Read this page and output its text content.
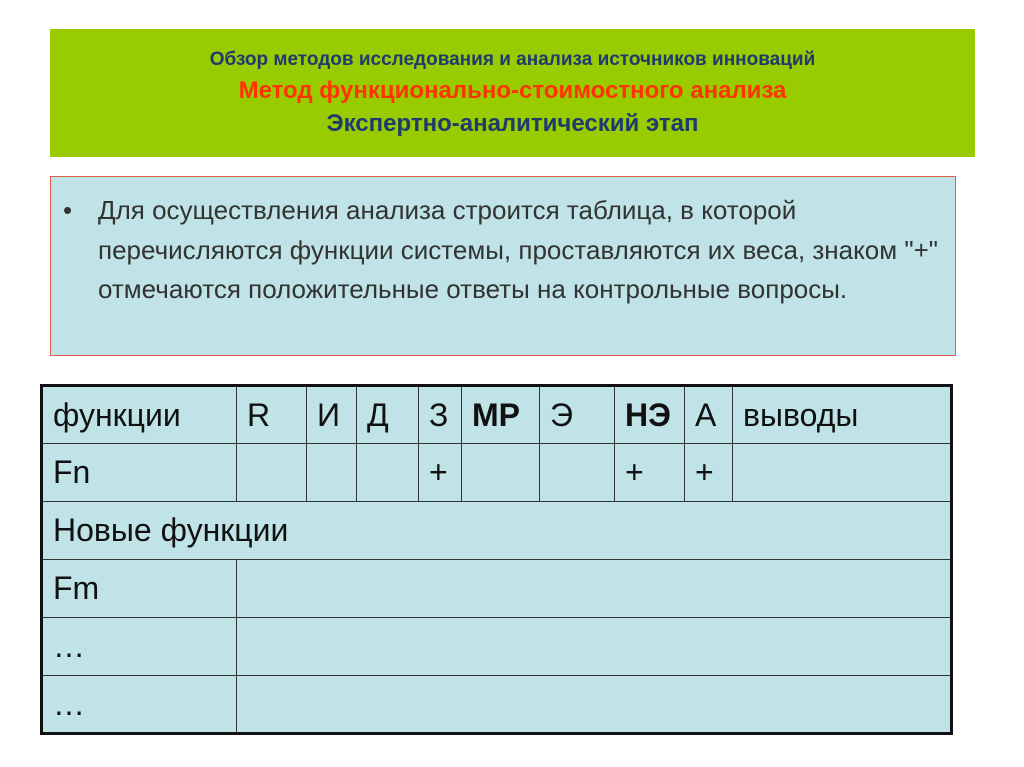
Обзор методов исследования и анализа источников инноваций
Метод функционально-стоимостного анализа
Экспертно-аналитический этап
• Для осуществления анализа строится таблица, в которой перечисляются функции системы, проставляются их веса, знаком "+" отмечаются положительные ответы на контрольные вопросы.
функции	R	И	Д	З	МР	Э	НЭ	А	выводы
Fn				+			+	+	
Новые функции									
Fm									
…									
…									
